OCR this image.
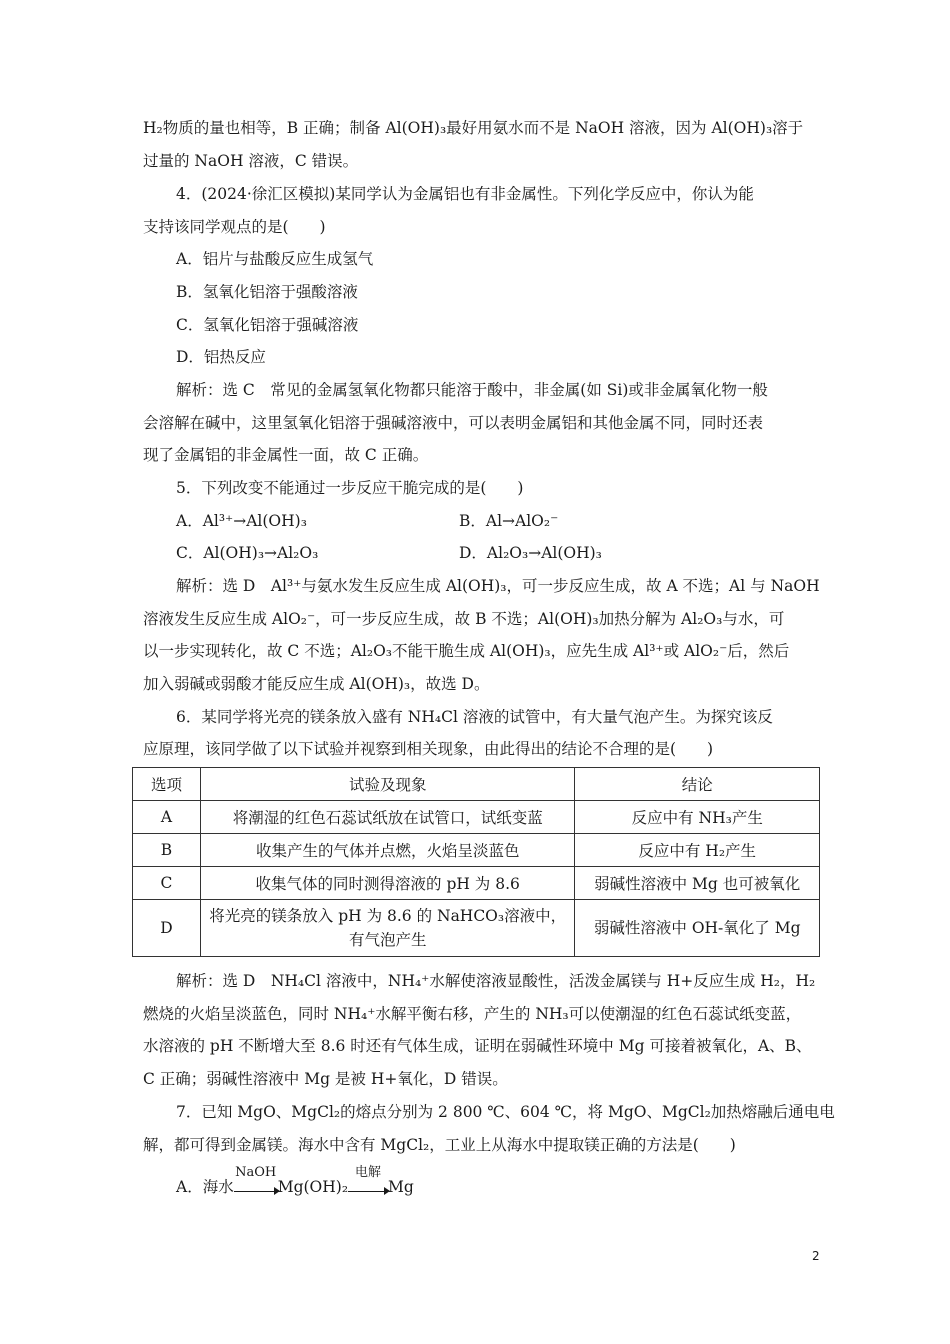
H₂物质的量也相等，B 正确；制备 Al(OH)₃最好用氨水而不是 NaOH 溶液，因为 Al(OH)₃溶于
过量的 NaOH 溶液，C 错误。
4．(2024·徐汇区模拟)某同学认为金属铝也有非金属性。下列化学反应中，你认为能
支持该同学观点的是(　　)
A．铝片与盐酸反应生成氢气
B．氢氧化铝溶于强酸溶液
C．氢氧化铝溶于强碱溶液
D．铝热反应
解析：选 C　常见的金属氢氧化物都只能溶于酸中，非金属(如 Si)或非金属氧化物一般
会溶解在碱中，这里氢氧化铝溶于强碱溶液中，可以表明金属铝和其他金属不同，同时还表
现了金属铝的非金属性一面，故 C 正确。
5．下列改变不能通过一步反应干脆完成的是(　　)
A．Al³⁺→Al(OH)₃	B．Al→AlO₂⁻
C．Al(OH)₃→Al₂O₃	D．Al₂O₃→Al(OH)₃
解析：选 D　Al³⁺与氨水发生反应生成 Al(OH)₃，可一步反应生成，故 A 不选；Al 与 NaOH
溶液发生反应生成 AlO₂⁻，可一步反应生成，故 B 不选；Al(OH)₃加热分解为 Al₂O₃与水，可
以一步实现转化，故 C 不选；Al₂O₃不能干脆生成 Al(OH)₃，应先生成 Al³⁺或 AlO₂⁻后，然后
加入弱碱或弱酸才能反应生成 Al(OH)₃，故选 D。
6．某同学将光亮的镁条放入盛有 NH₄Cl 溶液的试管中，有大量气泡产生。为探究该反
应原理，该同学做了以下试验并视察到相关现象，由此得出的结论不合理的是(　　)
选项	试验及现象	结论
A	将潮湿的红色石蕊试纸放在试管口，试纸变蓝	反应中有 NH₃产生
B	收集产生的气体并点燃，火焰呈淡蓝色	反应中有 H₂产生
C	收集气体的同时测得溶液的 pH 为 8.6	弱碱性溶液中 Mg 也可被氧化
D	将光亮的镁条放入 pH 为 8.6 的 NaHCO₃溶液中，有气泡产生	弱碱性溶液中 OH-氧化了 Mg
解析：选 D　NH₄Cl 溶液中，NH₄⁺水解使溶液显酸性，活泼金属镁与 H+反应生成 H₂，H₂
燃烧的火焰呈淡蓝色，同时 NH₄⁺水解平衡右移，产生的 NH₃可以使潮湿的红色石蕊试纸变蓝，
水溶液的 pH 不断增大至 8.6 时还有气体生成，证明在弱碱性环境中 Mg 可接着被氧化，A、B、
C 正确；弱碱性溶液中 Mg 是被 H+氧化，D 错误。
7．已知 MgO、MgCl₂的熔点分别为 2 800 ℃、604 ℃，将 MgO、MgCl₂加热熔融后通电电
解，都可得到金属镁。海水中含有 MgCl₂，工业上从海水中提取镁正确的方法是(　　)
A．海水
NaOH
Mg(OH)₂
电解
Mg
2
